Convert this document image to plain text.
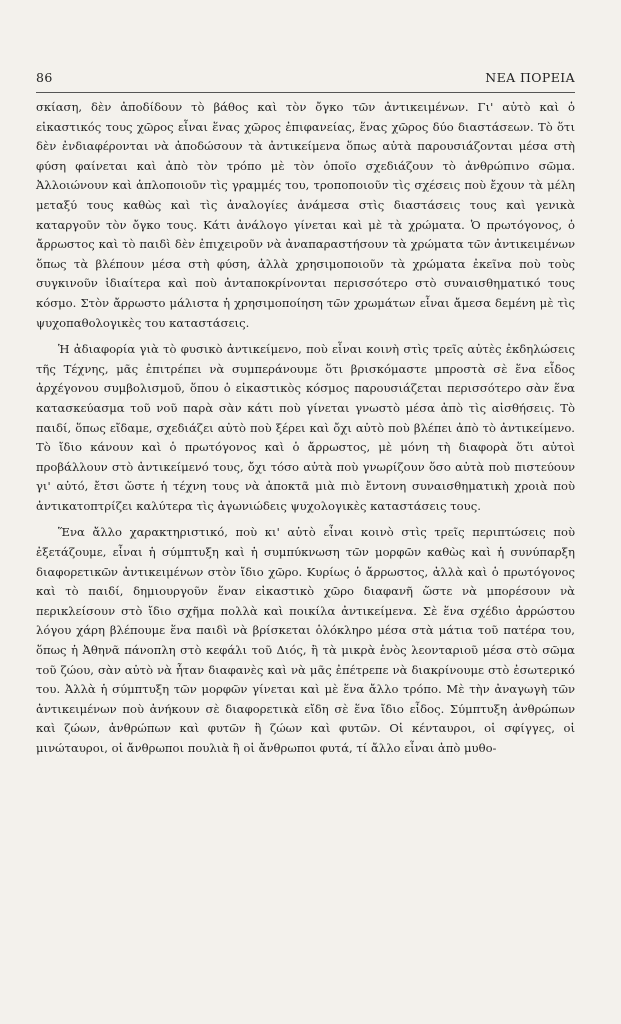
86	ΝΕΑ ΠΟΡΕΙΑ

σκίαση, δὲν ἀποδίδουν τὸ βάθος καὶ τὸν ὄγκο τῶν ἀντικειμένων. Γι' αὐτὸ καὶ ὁ εἰκαστικός τους χῶρος εἶναι ἕνας χῶρος ἐπιφανείας, ἕνας χῶρος δύο διαστάσεων. Τὸ ὅτι δὲν ἐνδιαφέρονται νὰ ἀποδώσουν τὰ ἀντικείμενα ὅπως αὐτὰ παρουσιάζονται μέσα στὴ φύση φαίνεται καὶ ἀπὸ τὸν τρόπο μὲ τὸν ὁποῖο σχεδιάζουν τὸ ἀνθρώπινο σῶμα. Ἀλλοιώνουν καὶ ἁπλοποιοῦν τὶς γραμμές του, τροποποιοῦν τὶς σχέσεις ποὺ ἔχουν τὰ μέλη μεταξύ τους καθὼς καὶ τὶς ἀναλογίες ἀνάμεσα στὶς διαστάσεις τους καὶ γενικὰ καταργοῦν τὸν ὄγκο τους. Κάτι ἀνάλογο γίνεται καὶ μὲ τὰ χρώματα. Ὁ πρωτόγονος, ὁ ἄρρωστος καὶ τὸ παιδὶ δὲν ἐπιχειροῦν νὰ ἀναπαραστήσουν τὰ χρώματα τῶν ἀντικειμένων ὅπως τὰ βλέπουν μέσα στὴ φύση, ἀλλὰ χρησιμοποιοῦν τὰ χρώματα ἐκεῖνα ποὺ τοὺς συγκινοῦν ἰδιαίτερα καὶ ποὺ ἀνταποκρίνονται περισσότερο στὸ συναισθηματικό τους κόσμο. Στὸν ἄρρωστο μάλιστα ἡ χρησιμοποίηση τῶν χρωμάτων εἶναι ἄμεσα δεμένη μὲ τὶς ψυχοπαθολογικὲς του καταστάσεις.

Ἡ ἀδιαφορία γιὰ τὸ φυσικὸ ἀντικείμενο, ποὺ εἶναι κοινὴ στὶς τρεῖς αὐτὲς ἐκδηλώσεις τῆς Τέχνης, μᾶς ἐπιτρέπει νὰ συμπεράνουμε ὅτι βρισκόμαστε μπροστὰ σὲ ἕνα εἶδος ἀρχέγονου συμβολισμοῦ, ὅπου ὁ εἰκαστικὸς κόσμος παρουσιάζεται περισσότερο σὰν ἕνα κατασκεύασμα τοῦ νοῦ παρὰ σὰν κάτι ποὺ γίνεται γνωστὸ μέσα ἀπὸ τὶς αἰσθήσεις. Τὸ παιδί, ὅπως εἴδαμε, σχεδιάζει αὐτὸ ποὺ ξέρει καὶ ὄχι αὐτὸ ποὺ βλέπει ἀπὸ τὸ ἀντικείμενο. Τὸ ἴδιο κάνουν καὶ ὁ πρωτόγονος καὶ ὁ ἄρρωστος, μὲ μόνη τὴ διαφορὰ ὅτι αὐτοὶ προβάλλουν στὸ ἀντικείμενό τους, ὄχι τόσο αὐτὰ ποὺ γνωρίζουν ὅσο αὐτὰ ποὺ πιστεύουν γι' αὐτό, ἔτσι ὥστε ἡ τέχνη τους νὰ ἀποκτᾶ μιὰ πιὸ ἔντονη συναισθηματικὴ χροιὰ ποὺ ἀντικατοπτρίζει καλύτερα τὶς ἀγωνιώδεις ψυχολογικὲς καταστάσεις τους.

Ἕνα ἄλλο χαρακτηριστικό, ποὺ κι' αὐτὸ εἶναι κοινὸ στὶς τρεῖς περιπτώσεις ποὺ ἐξετάζουμε, εἶναι ἡ σύμπτυξη καὶ ἡ συμπύκνωση τῶν μορφῶν καθὼς καὶ ἡ συνύπαρξη διαφορετικῶν ἀντικειμένων στὸν ἴδιο χῶρο. Κυρίως ὁ ἄρρωστος, ἀλλὰ καὶ ὁ πρωτόγονος καὶ τὸ παιδί, δημιουργοῦν ἕναν εἰκαστικὸ χῶρο διαφανῆ ὥστε νὰ μπορέσουν νὰ περικλείσουν στὸ ἴδιο σχῆμα πολλὰ καὶ ποικίλα ἀντικείμενα. Σὲ ἕνα σχέδιο ἀρρώστου λόγου χάρη βλέπουμε ἕνα παιδὶ νὰ βρίσκεται ὁλόκληρο μέσα στὰ μάτια τοῦ πατέρα του, ὅπως ἡ Ἀθηνᾶ πάνοπλη στὸ κεφάλι τοῦ Διός, ἢ τὰ μικρὰ ἑνὸς λεονταριοῦ μέσα στὸ σῶμα τοῦ ζώου, σὰν αὐτὸ νὰ ἦταν διαφανὲς καὶ νὰ μᾶς ἐπέτρεπε νὰ διακρίνουμε στὸ ἐσωτερικό του. Ἀλλὰ ἡ σύμπτυξη τῶν μορφῶν γίνεται καὶ μὲ ἕνα ἄλλο τρόπο. Μὲ τὴν ἀναγωγὴ τῶν ἀντικειμένων ποὺ ἀνήκουν σὲ διαφορετικὰ εἴδη σὲ ἕνα ἴδιο εἶδος. Σύμπτυξη ἀνθρώπων καὶ ζώων, ἀνθρώπων καὶ φυτῶν ἢ ζώων καὶ φυτῶν. Οἱ κένταυροι, οἱ σφίγγες, οἱ μινώταυροι, οἱ ἄνθρωποι πουλιὰ ἢ οἱ ἄνθρωποι φυτά, τί ἄλλο εἶναι ἀπὸ μυθο-
